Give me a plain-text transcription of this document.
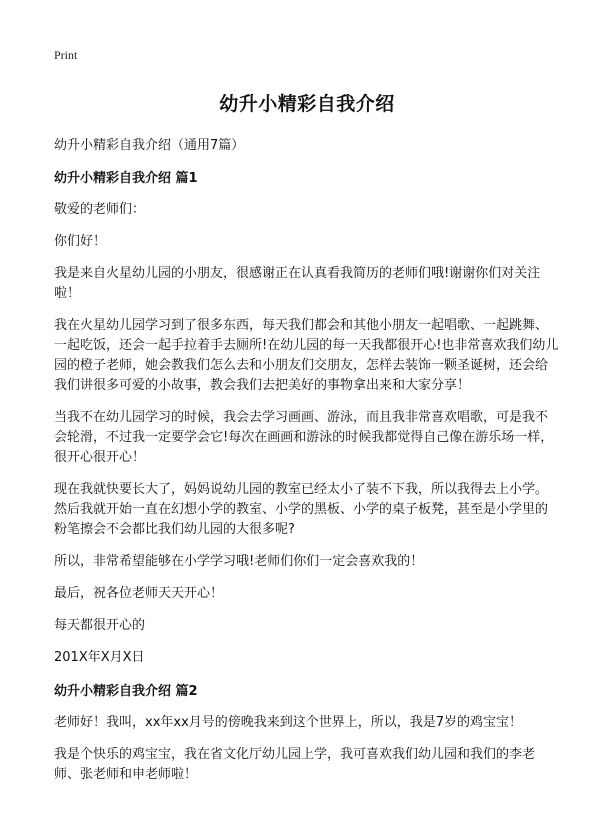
Print
幼升小精彩自我介绍

幼升小精彩自我介绍（通用7篇）

幼升小精彩自我介绍 篇1

敬爱的老师们：

你们好！

我是来自火星幼儿园的小朋友，很感谢正在认真看我简历的老师们哦!谢谢你们对关注啦！

我在火星幼儿园学习到了很多东西，每天我们都会和其他小朋友一起唱歌、一起跳舞、一起吃饭，还会一起手拉着手去厕所!在幼儿园的每一天我都很开心!也非常喜欢我们幼儿园的橙子老师，她会教我们怎么去和小朋友们交朋友，怎样去装饰一颗圣诞树，还会给我们讲很多可爱的小故事，教会我们去把美好的事物拿出来和大家分享！

当我不在幼儿园学习的时候，我会去学习画画、游泳，而且我非常喜欢唱歌，可是我不会轮滑，不过我一定要学会它!每次在画画和游泳的时候我都觉得自己像在游乐场一样，很开心很开心！

现在我就快要长大了，妈妈说幼儿园的教室已经太小了装不下我，所以我得去上小学。然后我就开始一直在幻想小学的教室、小学的黑板、小学的桌子板凳，甚至是小学里的粉笔擦会不会都比我们幼儿园的大很多呢?

所以，非常希望能够在小学学习哦!老师们你们一定会喜欢我的！

最后，祝各位老师天天开心！

每天都很开心的

201X年X月X日

幼升小精彩自我介绍 篇2

老师好！我叫，xx年xx月号的傍晚我来到这个世界上，所以，我是7岁的鸡宝宝！

我是个快乐的鸡宝宝，我在省文化厅幼儿园上学，我可喜欢我们幼儿园和我们的李老师、张老师和申老师啦！
